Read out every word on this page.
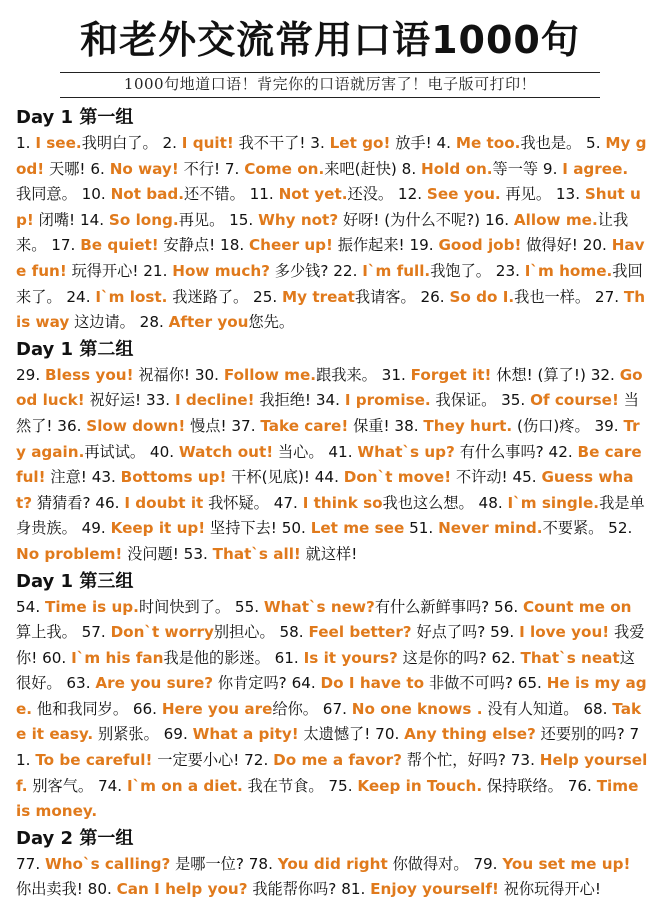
和老外交流常用口语1000句
1000句地道口语！背完你的口语就厉害了！电子版可打印！
Day 1 第一组
1. I see.我明白了。 2. I quit! 我不干了! 3. Let go! 放手! 4. Me too.我也是。 5. My god! 天哪! 6. No way! 不行! 7. Come on.来吧(赶快) 8. Hold on.等一等 9. I agree. 我同意。 10. Not bad.还不错。 11. Not yet.还没。 12. See you. 再见。 13. Shut up! 闭嘴! 14. So long.再见。 15. Why not? 好呀! (为什么不呢?) 16. Allow me.让我来。 17. Be quiet! 安静点! 18. Cheer up! 振作起来! 19. Good job! 做得好! 20. Have fun! 玩得开心! 21. How much? 多少钱? 22. I`m full.我饱了。 23. I`m home.我回来了。 24. I`m lost. 我迷路了。 25. My treat我请客。 26. So do I.我也一样。 27. This way 这边请。 28. After you您先。
Day 1 第二组
29. Bless you! 祝福你! 30. Follow me.跟我来。 31. Forget it! 休想! (算了!) 32. Good luck! 祝好运! 33. I decline! 我拒绝! 34. I promise. 我保证。 35. Of course! 当然了! 36. Slow down! 慢点! 37. Take care! 保重! 38. They hurt. (伤口)疼。 39. Try again.再试试。 40. Watch out! 当心。 41. What`s up? 有什么事吗? 42. Be careful! 注意! 43. Bottoms up! 干杯(见底)! 44. Don`t move! 不许动! 45. Guess what? 猜猜看? 46. I doubt it 我怀疑。 47. I think so我也这么想。 48. I`m single.我是单身贵族。 49. Keep it up! 坚持下去! 50. Let me see 51. Never mind.不要紧。 52. No problem! 没问题! 53. That`s all! 就这样!
Day 1 第三组
54. Time is up.时间快到了。 55. What`s new?有什么新鲜事吗? 56. Count me on 算上我。 57. Don`t worry别担心。 58. Feel better? 好点了吗? 59. I love you! 我爱你! 60. I`m his fan我是他的影迷。 61. Is it yours? 这是你的吗? 62. That`s neat这很好。 63. Are you sure? 你肯定吗? 64. Do I have to 非做不可吗? 65. He is my age. 他和我同岁。 66. Here you are给你。 67. No one knows . 没有人知道。 68. Take it easy. 别紧张。 69. What a pity! 太遗憾了! 70. Any thing else? 还要别的吗? 71. To be careful! 一定要小心! 72. Do me a favor? 帮个忙，好吗? 73. Help yourself. 别客气。 74. I`m on a diet. 我在节食。 75. Keep in Touch. 保持联络。 76. Time is money.
Day 2 第一组
77. Who`s calling? 是哪一位? 78. You did right 你做得对。 79. You set me up! 你出卖我! 80. Can I help you? 我能帮你吗? 81. Enjoy yourself! 祝你玩得开心!
